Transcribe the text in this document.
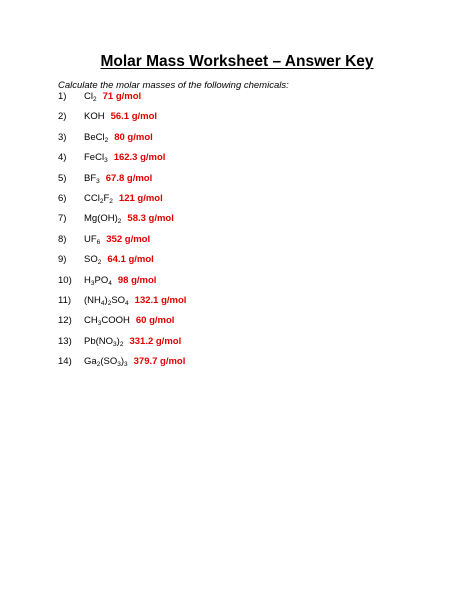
Molar Mass Worksheet – Answer Key
Calculate the molar masses of the following chemicals:
1) $Cl_2$ 71 g/mol
2) KOH 56.1 g/mol
3) BeCl$_2$ 80 g/mol
4) FeCl$_3$ 162.3 g/mol
5) $BF_3$ 67.8 g/mol
6) $CCl_2F_2$ 121 g/mol
7) $Mg(OH)_2$ 58.3 g/mol
8) $UF_6$ 352 g/mol
9) $SO_2$ 64.1 g/mol
10) $H_3PO_4$ 98 g/mol
11) $(NH_4)_2SO_4$ 132.1 g/mol
12) $CH_3COOH$ 60 g/mol
13) $Pb(NO_3)_2$ 331.2 g/mol
14) $Ga_2(SO_3)_3$ 379.7 g/mol
